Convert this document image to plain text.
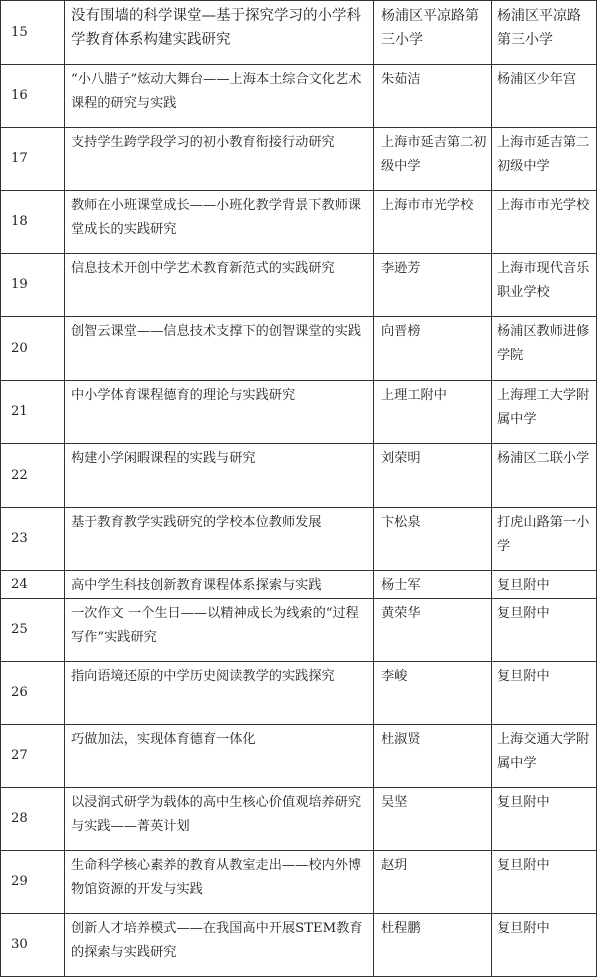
15	没有围墙的科学课堂—基于探究学习的小学科学教育体系构建实践研究	杨浦区平凉路第三小学	杨浦区平凉路第三小学
16	“小八腊子”炫动大舞台——上海本土综合文化艺术课程的研究与实践	朱茹洁	杨浦区少年宫
17	支持学生跨学段学习的初小教育衔接行动研究	上海市延吉第二初级中学	上海市延吉第二初级中学
18	教师在小班课堂成长——小班化教学背景下教师课堂成长的实践研究	上海市市光学校	上海市市光学校
19	信息技术开创中学艺术教育新范式的实践研究	李逊芳	上海市现代音乐职业学校
20	创智云课堂——信息技术支撑下的创智课堂的实践	向晋榜	杨浦区教师进修学院
21	中小学体育课程德育的理论与实践研究	上理工附中	上海理工大学附属中学
22	构建小学闲暇课程的实践与研究	刘荣明	杨浦区二联小学
23	基于教育教学实践研究的学校本位教师发展	卞松泉	打虎山路第一小学
24	高中学生科技创新教育课程体系探索与实践	杨士军	复旦附中
25	一次作文 一个生日——以精神成长为线索的“过程写作”实践研究	黄荣华	复旦附中
26	指向语境还原的中学历史阅读教学的实践探究	李峻	复旦附中
27	巧做加法，实现体育德育一体化	杜淑贤	上海交通大学附属中学
28	以浸润式研学为载体的高中生核心价值观培养研究与实践——菁英计划	吴坚	复旦附中
29	生命科学核心素养的教育从教室走出——校内外博物馆资源的开发与实践	赵玥	复旦附中
30	创新人才培养模式——在我国高中开展STEM教育的探索与实践研究	杜程鹏	复旦附中
